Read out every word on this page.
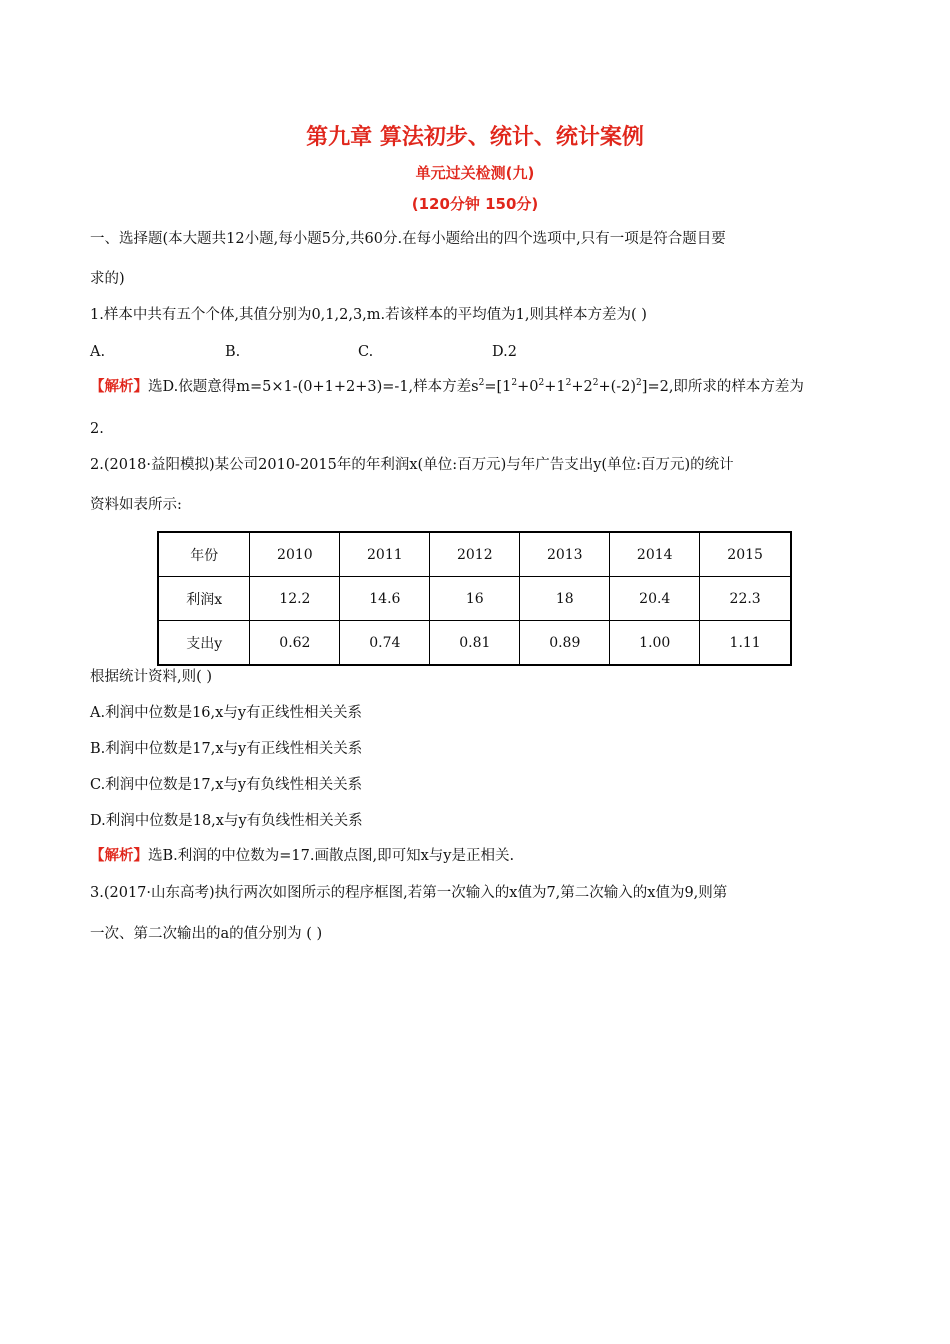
第九章 算法初步、统计、统计案例
单元过关检测(九)
(120分钟 150分)
一、选择题(本大题共12小题,每小题5分,共60分.在每小题给出的四个选项中,只有一项是符合题目要
求的)
1.样本中共有五个个体,其值分别为0,1,2,3,m.若该样本的平均值为1,则其样本方差为( )
A.	B.	C.	D.2
【解析】选D.依题意得m=5×1-(0+1+2+3)=-1,样本方差$s^2=[1^2+0^2+1^2+2^2+(-2)^2]=2$,即所求的样本方差为
2.
2.(2018·益阳模拟)某公司2010-2015年的年利润x(单位:百万元)与年广告支出y(单位:百万元)的统计
资料如表所示:
年份	2010	2011	2012	2013	2014	2015
利润x	12.2	14.6	16	18	20.4	22.3
支出y	0.62	0.74	0.81	0.89	1.00	1.11
根据统计资料,则( )
A.利润中位数是16,x与y有正线性相关关系
B.利润中位数是17,x与y有正线性相关关系
C.利润中位数是17,x与y有负线性相关关系
D.利润中位数是18,x与y有负线性相关关系
【解析】选B.利润的中位数为=17.画散点图,即可知x与y是正相关.
3.(2017·山东高考)执行两次如图所示的程序框图,若第一次输入的x值为7,第二次输入的x值为9,则第
一次、第二次输出的a的值分别为 ( )
